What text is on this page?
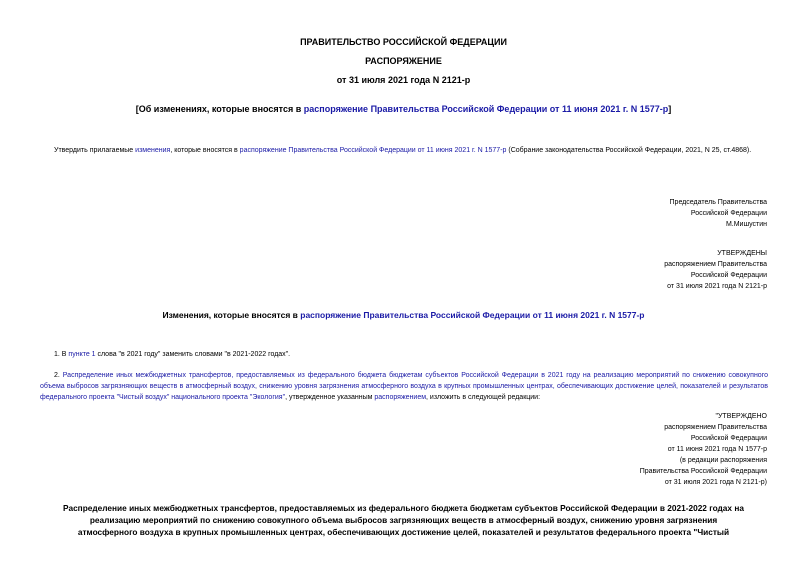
ПРАВИТЕЛЬСТВО РОССИЙСКОЙ ФЕДЕРАЦИИ
РАСПОРЯЖЕНИЕ
от 31 июля 2021 года N 2121-р
[Об изменениях, которые вносятся в распоряжение Правительства Российской Федерации от 11 июня 2021 г. N 1577-р]
Утвердить прилагаемые изменения, которые вносятся в распоряжение Правительства Российской Федерации от 11 июня 2021 г. N 1577-р (Собрание законодательства Российской Федерации, 2021, N 25, ст.4868).
Председатель Правительства
Российской Федерации
М.Мишустин
УТВЕРЖДЕНЫ
распоряжением Правительства
Российской Федерации
от 31 июля 2021 года N 2121-р
Изменения, которые вносятся в распоряжение Правительства Российской Федерации от 11 июня 2021 г. N 1577-р
1. В пункте 1 слова "в 2021 году" заменить словами "в 2021-2022 годах".
2. Распределение иных межбюджетных трансфертов, предоставляемых из федерального бюджета бюджетам субъектов Российской Федерации в 2021 году на реализацию мероприятий по снижению совокупного объема выбросов загрязняющих веществ в атмосферный воздух, снижению уровня загрязнения атмосферного воздуха в крупных промышленных центрах, обеспечивающих достижение целей, показателей и результатов федерального проекта "Чистый воздух" национального проекта "Экология", утвержденное указанным распоряжением, изложить в следующей редакции:
"УТВЕРЖДЕНО
распоряжением Правительства
Российской Федерации
от 11 июня 2021 года N 1577-р
(в редакции распоряжения
Правительства Российской Федерации
от 31 июля 2021 года N 2121-р)
Распределение иных межбюджетных трансфертов, предоставляемых из федерального бюджета бюджетам субъектов Российской Федерации в 2021-2022 годах на
реализацию мероприятий по снижению совокупного объема выбросов загрязняющих веществ в атмосферный воздух, снижению уровня загрязнения
атмосферного воздуха в крупных промышленных центрах, обеспечивающих достижение целей, показателей и результатов федерального проекта "Чистый
